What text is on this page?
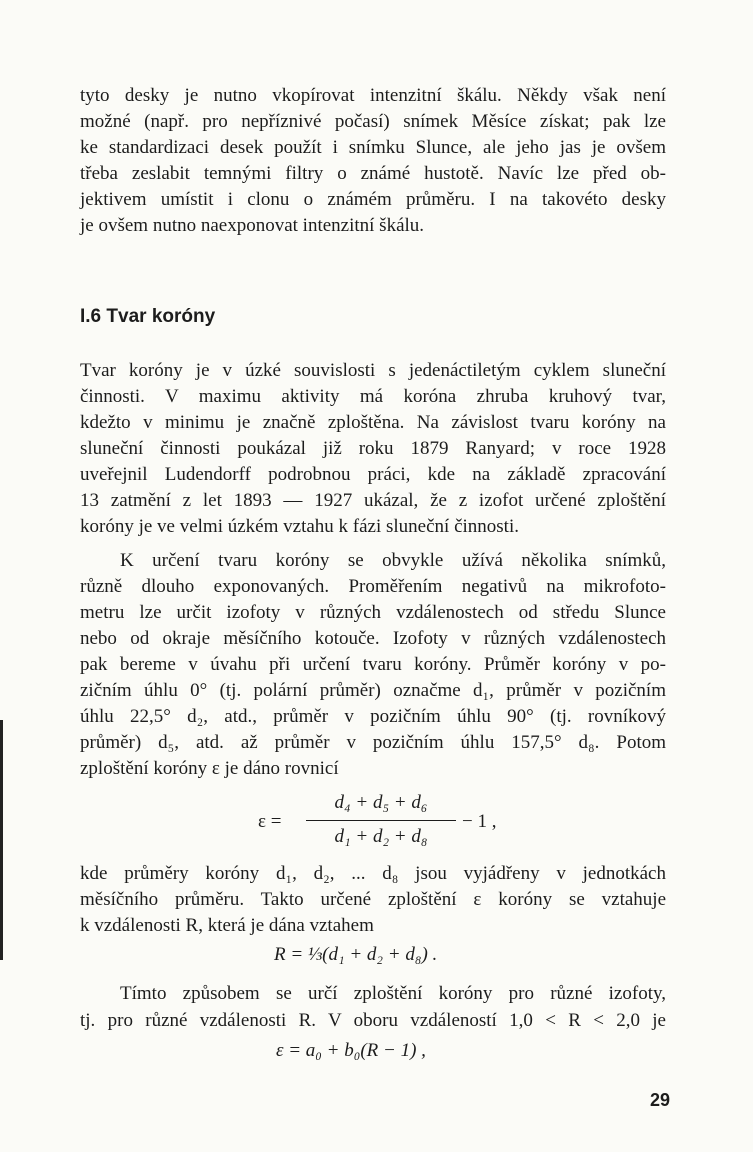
tyto desky je nutno vkopírovat intenzitní škálu. Někdy však není
možné (např. pro nepříznivé počasí) snímek Měsíce získat; pak lze
ke standardizaci desek použít i snímku Slunce, ale jeho jas je ovšem
třeba zeslabit temnými filtry o známé hustotě. Navíc lze před ob-
jektivem umístit i clonu o známém průměru. I na takovéto desky
je ovšem nutno naexponovat intenzitní škálu.
I.6 Tvar koróny
Tvar koróny je v úzké souvislosti s jedenáctiletým cyklem sluneční
činnosti. V maximu aktivity má koróna zhruba kruhový tvar,
kdežto v minimu je značně zploštěna. Na závislost tvaru koróny na
sluneční činnosti poukázal již roku 1879 Ranyard; v roce 1928
uveřejnil Ludendorff podrobnou práci, kde na základě zpracování
13 zatmění z let 1893 — 1927 ukázal, že z izofot určené zploštění
koróny je ve velmi úzkém vztahu k fázi sluneční činnosti.
K určení tvaru koróny se obvykle užívá několika snímků,
různě dlouho exponovaných. Proměřením negativů na mikrofoto-
metru lze určit izofoty v různých vzdálenostech od středu Slunce
nebo od okraje měsíčního kotouče. Izofoty v různých vzdálenostech
pak bereme v úvahu při určení tvaru koróny. Průměr koróny v po-
zičním úhlu 0° (tj. polární průměr) označme d₁, průměr v pozičním
úhlu 22,5° d₂, atd., průměr v pozičním úhlu 90° (tj. rovníkový
průměr) d₅, atd. až průměr v pozičním úhlu 157,5° d₈. Potom
zploštění koróny ε je dáno rovnicí
ε =
d₄ + d₅ + d₆
d₁ + d₂ + d₈
− 1 ,
kde průměry koróny d₁, d₂, ... d₈ jsou vyjádřeny v jednotkách
měsíčního průměru. Takto určené zploštění ε koróny se vztahuje
k vzdálenosti R, která je dána vztahem
R = ⅓(d₁ + d₂ + d₈) .
Tímto způsobem se určí zploštění koróny pro různé izofoty,
tj. pro různé vzdálenosti R. V oboru vzdáleností 1,0 < R < 2,0 je
ε = a₀ + b₀(R − 1) ,
29
